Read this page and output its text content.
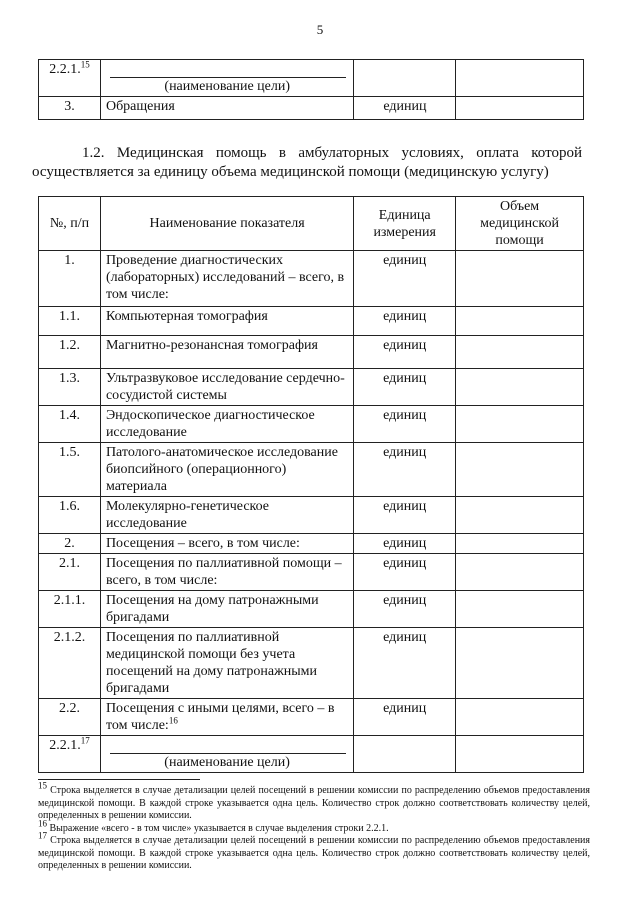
5
2.2.1.15	(наименование цели)		

3.	Обращения	единиц	
1.2. Медицинская помощь в амбулаторных условиях, оплата которой осуществляется за единицу объема медицинской помощи (медицинскую услугу)
№, п/п	Наименование показателя	Единица измерения	Объем медицинской помощи
1.	Проведение диагностических (лабораторных) исследований – всего, в том числе:	единиц	
1.1.	Компьютерная томография	единиц	
1.2.	Магнитно-резонансная томография	единиц	
1.3.	Ультразвуковое исследование сердечно-сосудистой системы	единиц	
1.4.	Эндоскопическое диагностическое исследование	единиц	
1.5.	Патолого-анатомическое исследование биопсийного (операционного) материала	единиц	
1.6.	Молекулярно-генетическое исследование	единиц	
2.	Посещения – всего, в том числе:	единиц	
2.1.	Посещения по паллиативной помощи – всего, в том числе:	единиц	
2.1.1.	Посещения на дому патронажными бригадами	единиц	
2.1.2.	Посещения по паллиативной медицинской помощи без учета посещений на дому патронажными бригадами	единиц	
2.2.	Посещения с иными целями, всего – в том числе:$^{16}$	единиц	
2.2.1.17	(наименование цели)		

$^{15}$ Строка выделяется в случае детализации целей посещений в решении комиссии по распределению объемов предоставления медицинской помощи. В каждой строке указывается одна цель. Количество строк должно соответствовать количеству целей, определенных в решении комиссии.

$^{16}$ Выражение «всего - в том числе» указывается в случае выделения строки 2.2.1.

$^{17}$ Строка выделяется в случае детализации целей посещений в решении комиссии по распределению объемов предоставления медицинской помощи. В каждой строке указывается одна цель. Количество строк должно соответствовать количеству целей, определенных в решении комиссии.
